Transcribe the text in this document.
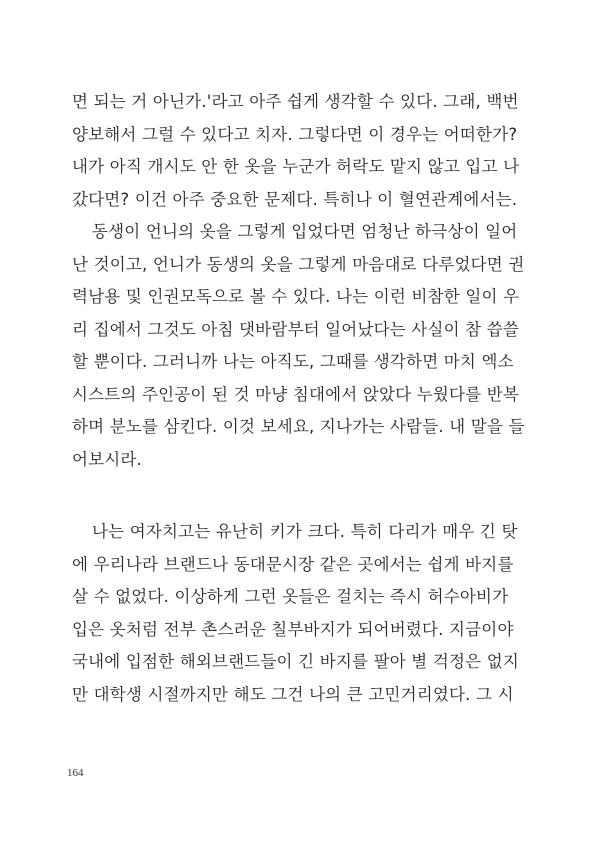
면 되는 거 아닌가.'라고 아주 쉽게 생각할 수 있다. 그래, 백번
양보해서 그럴 수 있다고 치자. 그렇다면 이 경우는 어떠한가?
내가 아직 개시도 안 한 옷을 누군가 허락도 맡지 않고 입고 나
갔다면? 이건 아주 중요한 문제다. 특히나 이 혈연관계에서는.
동생이 언니의 옷을 그렇게 입었다면 엄청난 하극상이 일어
난 것이고, 언니가 동생의 옷을 그렇게 마음대로 다루었다면 권
력남용 및 인권모독으로 볼 수 있다. 나는 이런 비참한 일이 우
리 집에서 그것도 아침 댓바람부터 일어났다는 사실이 참 씁쓸
할 뿐이다. 그러니까 나는 아직도, 그때를 생각하면 마치 엑소
시스트의 주인공이 된 것 마냥 침대에서 앉았다 누웠다를 반복
하며 분노를 삼킨다. 이것 보세요, 지나가는 사람들. 내 말을 들
어보시라.
나는 여자치고는 유난히 키가 크다. 특히 다리가 매우 긴 탓
에 우리나라 브랜드나 동대문시장 같은 곳에서는 쉽게 바지를
살 수 없었다. 이상하게 그런 옷들은 걸치는 즉시 허수아비가
입은 옷처럼 전부 촌스러운 칠부바지가 되어버렸다. 지금이야
국내에 입점한 해외브랜드들이 긴 바지를 팔아 별 걱정은 없지
만 대학생 시절까지만 해도 그건 나의 큰 고민거리였다. 그 시
164
